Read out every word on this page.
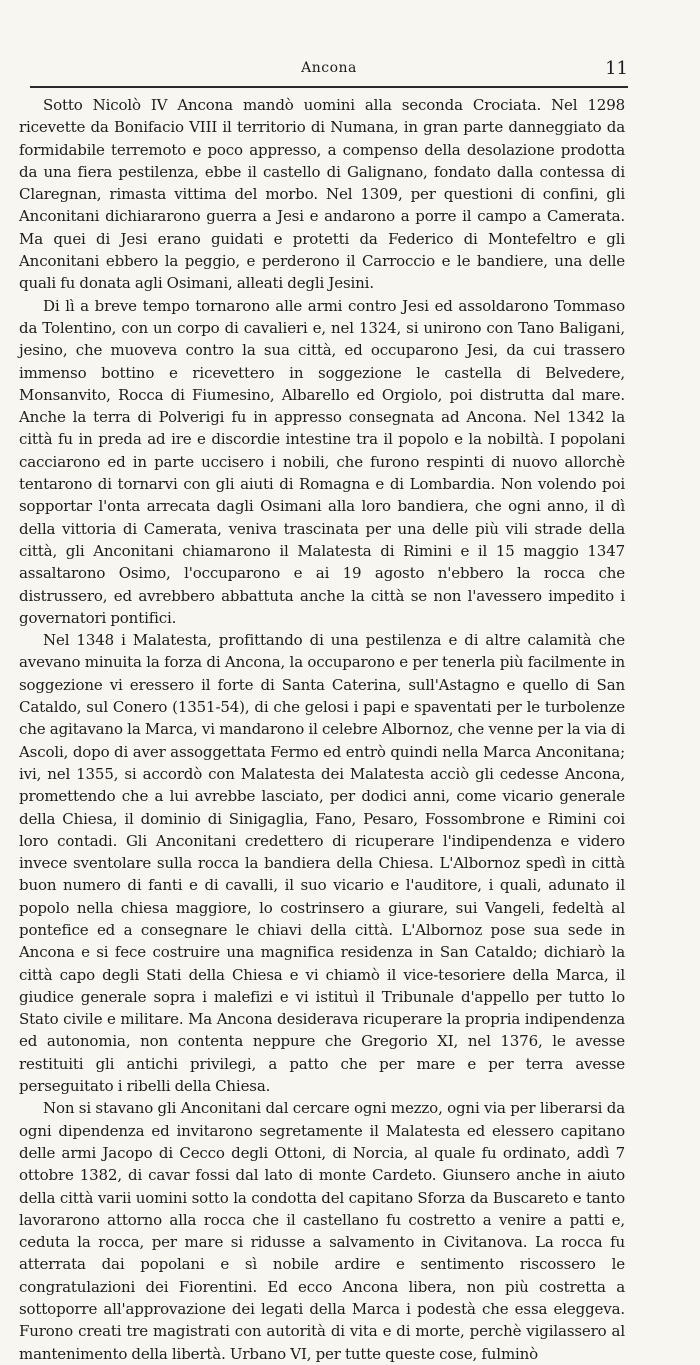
Ancona	11

Sotto Nicolò IV Ancona mandò uomini alla seconda Crociata. Nel 1298 ricevette da Bonifacio VIII il territorio di Numana, in gran parte danneggiato da formidabile terremoto e poco appresso, a compenso della desolazione prodotta da una fiera pestilenza, ebbe il castello di Galignano, fondato dalla contessa di Claregnan, rimasta vittima del morbo. Nel 1309, per questioni di confini, gli Anconitani dichiararono guerra a Jesi e andarono a porre il campo a Camerata. Ma quei di Jesi erano guidati e protetti da Federico di Montefeltro e gli Anconitani ebbero la peggio, e perderono il Carroccio e le bandiere, una delle quali fu donata agli Osimani, alleati degli Jesini.

Di lì a breve tempo tornarono alle armi contro Jesi ed assoldarono Tommaso da Tolentino, con un corpo di cavalieri e, nel 1324, si unirono con Tano Baligani, jesino, che muoveva contro la sua città, ed occuparono Jesi, da cui trassero immenso bottino e ricevettero in soggezione le castella di Belvedere, Monsanvito, Rocca di Fiumesino, Albarello ed Orgiolo, poi distrutta dal mare. Anche la terra di Polverigi fu in appresso consegnata ad Ancona. Nel 1342 la città fu in preda ad ire e discordie intestine tra il popolo e la nobiltà. I popolani cacciarono ed in parte uccisero i nobili, che furono respinti di nuovo allorchè tentarono di tornarvi con gli aiuti di Romagna e di Lombardia. Non volendo poi sopportar l'onta arrecata dagli Osimani alla loro bandiera, che ogni anno, il dì della vittoria di Camerata, veniva trascinata per una delle più vili strade della città, gli Anconitani chiamarono il Malatesta di Rimini e il 15 maggio 1347 assaltarono Osimo, l'occuparono e ai 19 agosto n'ebbero la rocca che distrussero, ed avrebbero abbattuta anche la città se non l'avessero impedito i governatori pontifici.

Nel 1348 i Malatesta, profittando di una pestilenza e di altre calamità che avevano minuita la forza di Ancona, la occuparono e per tenerla più facilmente in soggezione vi eressero il forte di Santa Caterina, sull'Astagno e quello di San Cataldo, sul Conero (1351-54), di che gelosi i papi e spaventati per le turbolenze che agitavano la Marca, vi mandarono il celebre Albornoz, che venne per la via di Ascoli, dopo di aver assoggettata Fermo ed entrò quindi nella Marca Anconitana; ivi, nel 1355, si accordò con Malatesta dei Malatesta acciò gli cedesse Ancona, promettendo che a lui avrebbe lasciato, per dodici anni, come vicario generale della Chiesa, il dominio di Sinigaglia, Fano, Pesaro, Fossombrone e Rimini coi loro contadi. Gli Anconitani credettero di ricuperare l'indipendenza e videro invece sventolare sulla rocca la bandiera della Chiesa. L'Albornoz spedì in città buon numero di fanti e di cavalli, il suo vicario e l'auditore, i quali, adunato il popolo nella chiesa maggiore, lo costrinsero a giurare, sui Vangeli, fedeltà al pontefice ed a consegnare le chiavi della città. L'Albornoz pose sua sede in Ancona e si fece costruire una magnifica residenza in San Cataldo; dichiarò la città capo degli Stati della Chiesa e vi chiamò il vice-tesoriere della Marca, il giudice generale sopra i malefizi e vi istituì il Tribunale d'appello per tutto lo Stato civile e militare. Ma Ancona desiderava ricuperare la propria indipendenza ed autonomia, non contenta neppure che Gregorio XI, nel 1376, le avesse restituiti gli antichi privilegi, a patto che per mare e per terra avesse perseguitato i ribelli della Chiesa.

Non si stavano gli Anconitani dal cercare ogni mezzo, ogni via per liberarsi da ogni dipendenza ed invitarono segretamente il Malatesta ed elessero capitano delle armi Jacopo di Cecco degli Ottoni, di Norcia, al quale fu ordinato, addì 7 ottobre 1382, di cavar fossi dal lato di monte Cardeto. Giunsero anche in aiuto della città varii uomini sotto la condotta del capitano Sforza da Buscareto e tanto lavorarono attorno alla rocca che il castellano fu costretto a venire a patti e, ceduta la rocca, per mare si ridusse a salvamento in Civitanova. La rocca fu atterrata dai popolani e sì nobile ardire e sentimento riscossero le congratulazioni dei Fiorentini. Ed ecco Ancona libera, non più costretta a sottoporre all'approvazione dei legati della Marca i podestà che essa eleggeva. Furono creati tre magistrati con autorità di vita e di morte, perchè vigilassero al mantenimento della libertà. Urbano VI, per tutte queste cose, fulminò
